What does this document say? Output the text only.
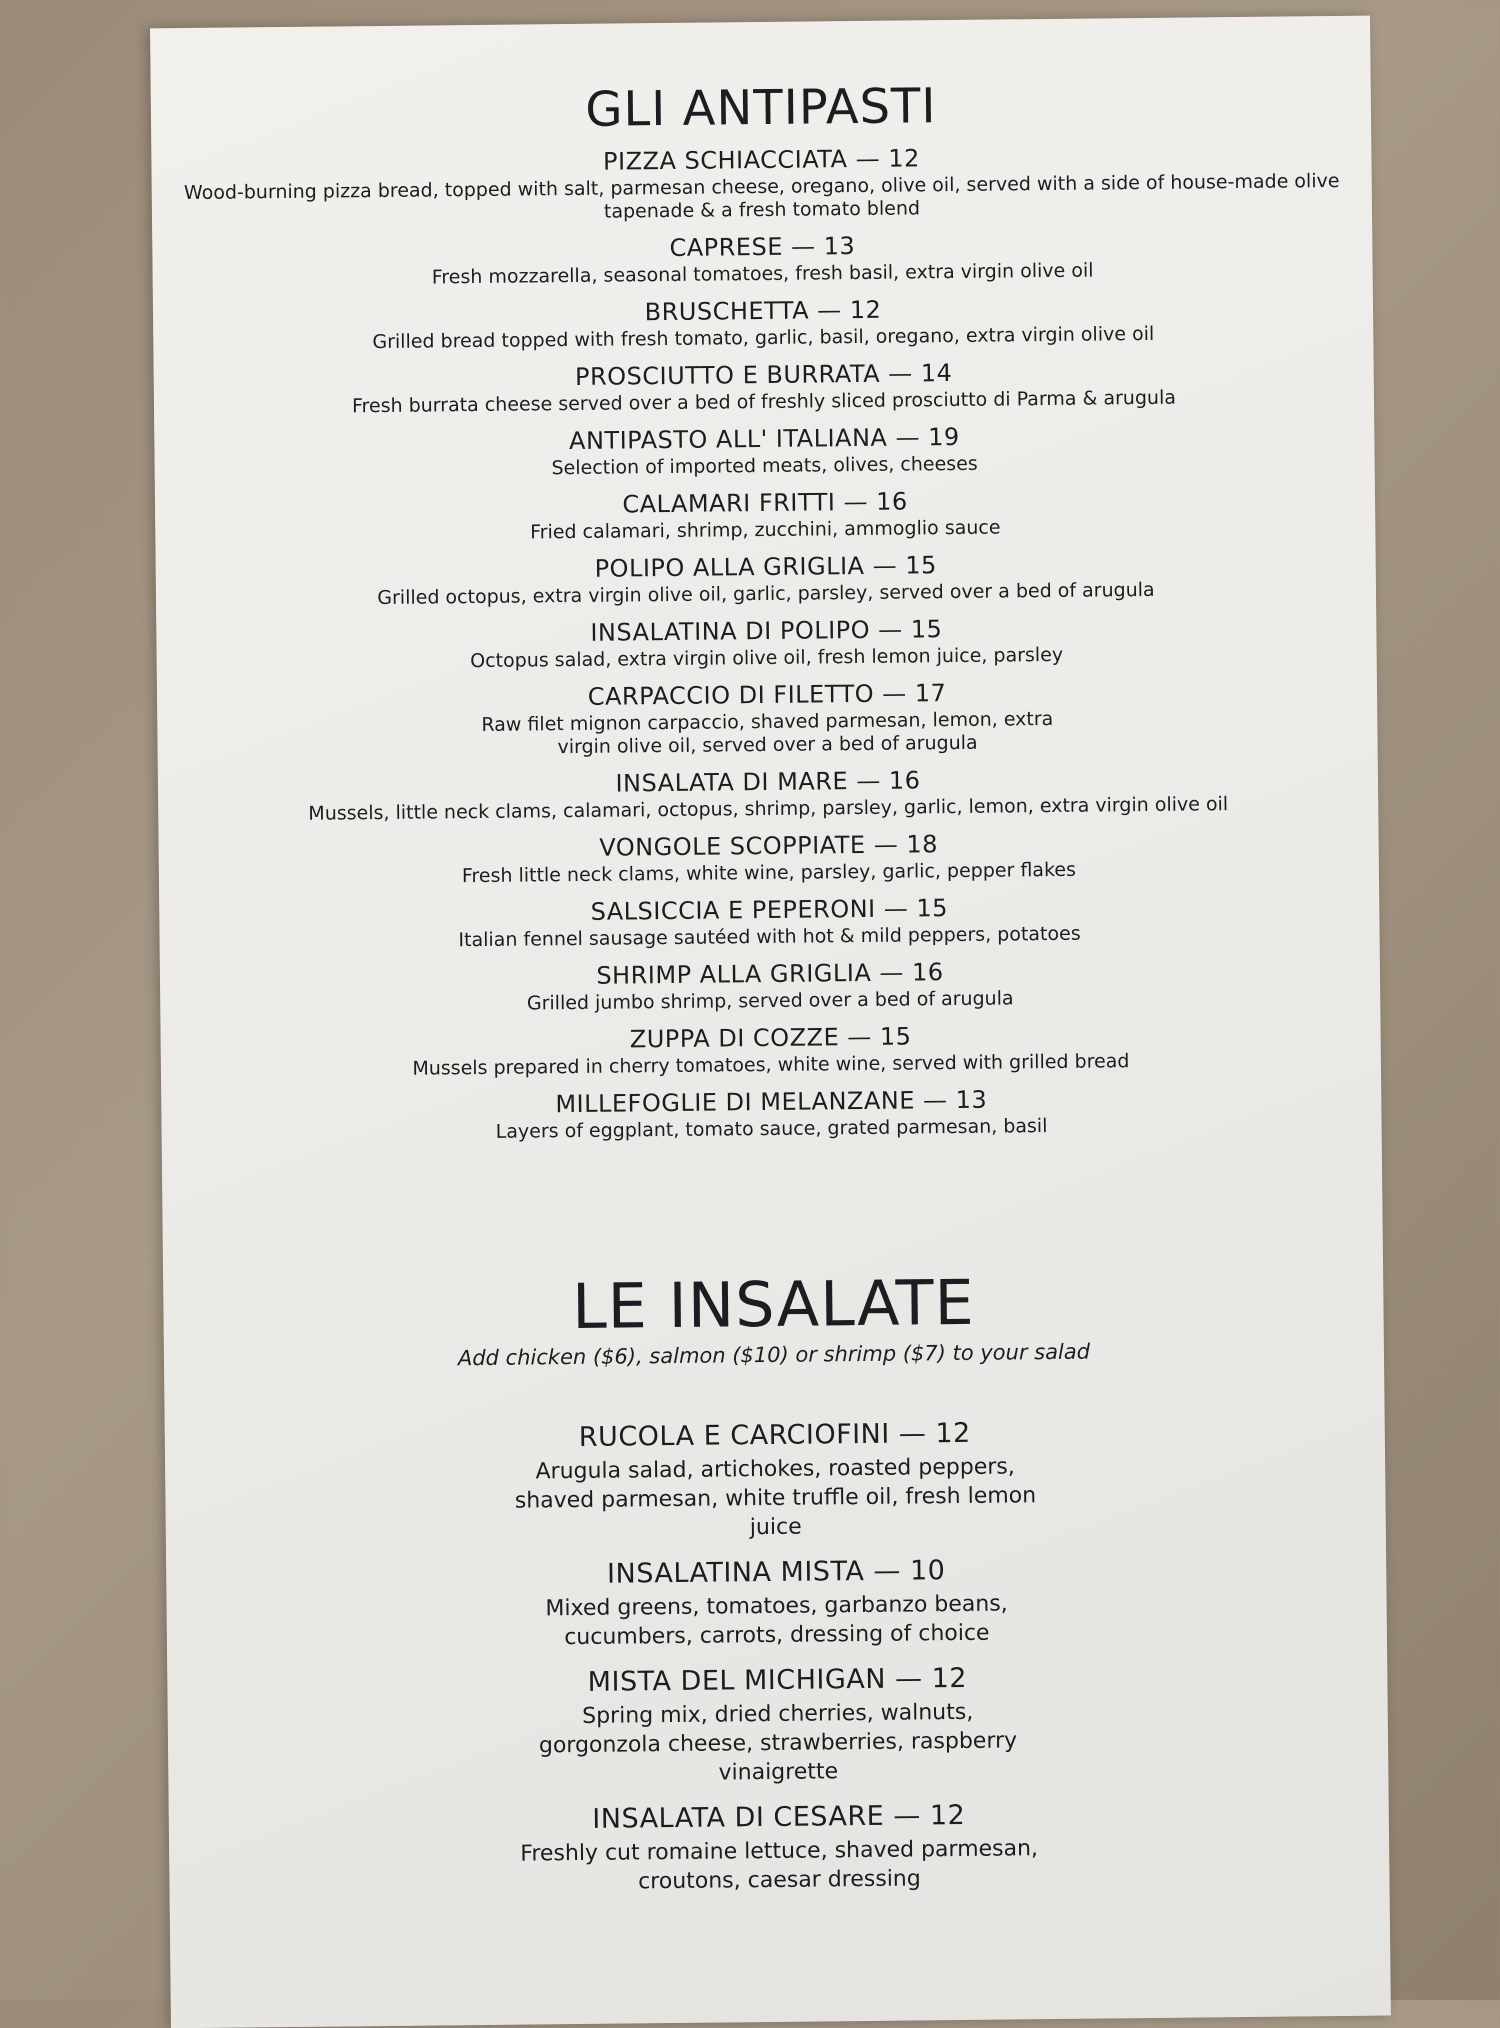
GLI ANTIPASTI
PIZZA SCHIACCIATA — 12
Wood-burning pizza bread, topped with salt, parmesan cheese, oregano, olive oil, served with a side of house-made olive tapenade & a fresh tomato blend
CAPRESE — 13
Fresh mozzarella, seasonal tomatoes, fresh basil, extra virgin olive oil
BRUSCHETTA — 12
Grilled bread topped with fresh tomato, garlic, basil, oregano, extra virgin olive oil
PROSCIUTTO E BURRATA — 14
Fresh burrata cheese served over a bed of freshly sliced prosciutto di Parma & arugula
ANTIPASTO ALL' ITALIANA — 19
Selection of imported meats, olives, cheeses
CALAMARI FRITTI — 16
Fried calamari, shrimp, zucchini, ammoglio sauce
POLIPO ALLA GRIGLIA — 15
Grilled octopus, extra virgin olive oil, garlic, parsley, served over a bed of arugula
INSALATINA DI POLIPO — 15
Octopus salad, extra virgin olive oil, fresh lemon juice, parsley
CARPACCIO DI FILETTO — 17
Raw filet mignon carpaccio, shaved parmesan, lemon, extra virgin olive oil, served over a bed of arugula
INSALATA DI MARE — 16
Mussels, little neck clams, calamari, octopus, shrimp, parsley, garlic, lemon, extra virgin olive oil
VONGOLE SCOPPIATE — 18
Fresh little neck clams, white wine, parsley, garlic, pepper flakes
SALSICCIA E PEPERONI — 15
Italian fennel sausage sautéed with hot & mild peppers, potatoes
SHRIMP ALLA GRIGLIA — 16
Grilled jumbo shrimp, served over a bed of arugula
ZUPPA DI COZZE — 15
Mussels prepared in cherry tomatoes, white wine, served with grilled bread
MILLEFOGLIE DI MELANZANE — 13
Layers of eggplant, tomato sauce, grated parmesan, basil
LE INSALATE
Add chicken ($6), salmon ($10) or shrimp ($7) to your salad
RUCOLA E CARCIOFINI — 12
Arugula salad, artichokes, roasted peppers, shaved parmesan, white truffle oil, fresh lemon juice
INSALATINA MISTA — 10
Mixed greens, tomatoes, garbanzo beans, cucumbers, carrots, dressing of choice
MISTA DEL MICHIGAN — 12
Spring mix, dried cherries, walnuts, gorgonzola cheese, strawberries, raspberry vinaigrette
INSALATA DI CESARE — 12
Freshly cut romaine lettuce, shaved parmesan, croutons, caesar dressing
